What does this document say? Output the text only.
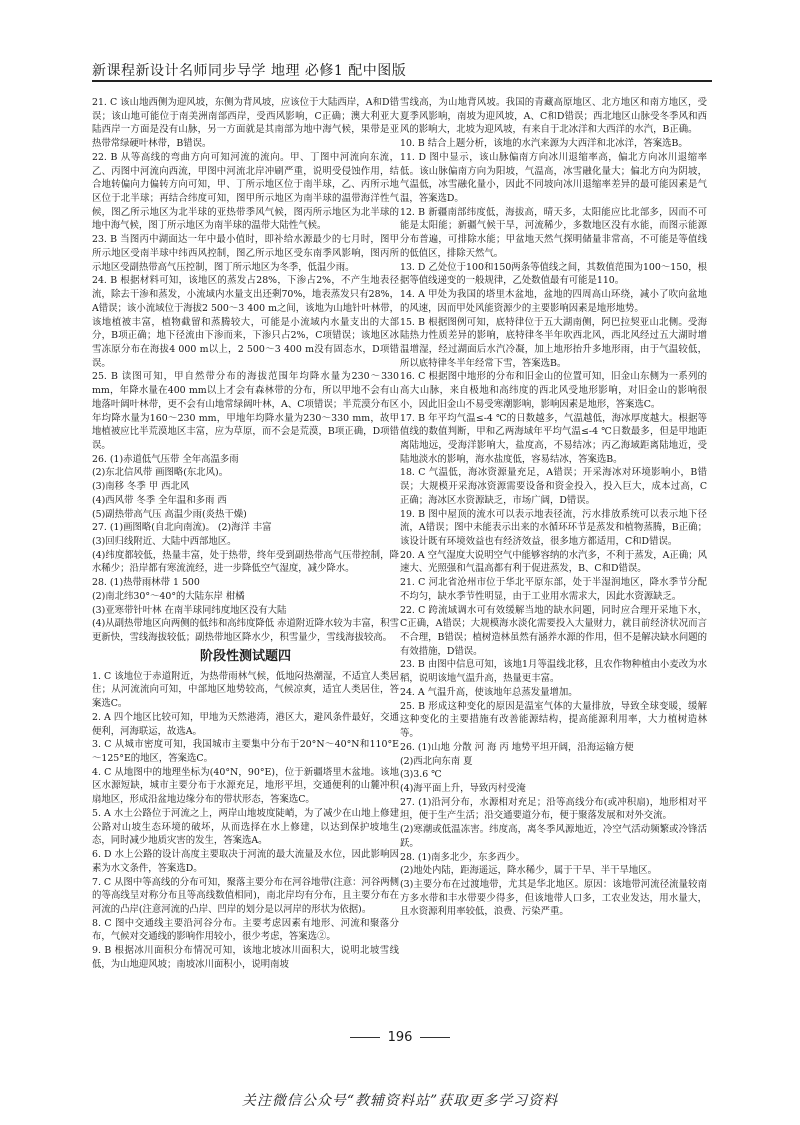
新课程新设计名师同步导学 地理 必修1 配中图版

21. C 该山地西侧为迎风坡，东侧为背风坡，应该位于大陆西岸，A和D错误；该山地可能位于南美洲南部西岸，受西风影响，C正确；澳大利亚大陆西岸一方面是没有山脉，另一方面就是其南部为地中海气候，果带是亚热带常绿硬叶林带，B错误。

22. B 从等高线的弯曲方向可知河流的流向。甲、丁图中河流向东流，乙、丙图中河流向西流，甲图中河流北岸冲刷严重，说明受侵蚀作用，结合地转偏向力偏转方向可知，甲、丁所示地区位于南半球，乙、丙所示地区位于北半球；再结合纬度可知，图甲所示地区为南半球的温带海洋性气候，图乙所示地区为北半球的亚热带季风气候，图丙所示地区为北半球的地中海气候，图丁所示地区为南半球的温带大陆性气候。

23. B 当图丙中湖面达一年中最小值时，即补给水源最少的七月时，图甲所示地区受南半球中纬西风控制，图乙所示地区受东南季风影响，图丙所示地区受副热带高气压控制，图丁所示地区为冬季，低温少雨。

24. B 根据材料可知，该地区的蒸发占28%，下渗占2%，不产生地表径流，除去干渗和蒸发，小流域内水量支出还剩70%，地表蒸发只有28%，A错误；该小流域位于海拔2 500～3 400 m之间，该地为山地针叶林带，该地植被丰富，植物截留和蒸腾较大，可能是小流域内水量支出的大部分，B项正确；地下径流由下渗而来，下渗只占2%，C项错误；该地区冰雪冻原分布在海拔4 000 m以上，2 500～3 400 m没有固态水，D项错误。

25. B 读图可知，甲自然带分布的海拔范围年均降水量为230～330 mm，年降水量在400 mm以上才会有森林带的分布，所以甲地不会有山地落叶阔叶林带，更不会有山地常绿阔叶林，A、C项错误；半荒漠分布区年均降水量为160～230 mm，甲地年均降水量为230～330 mm，故甲地植被应比半荒漠地区丰富，应为草原，而不会是荒漠，B项正确，D项错误。

26. (1)赤道低气压带 全年高温多雨

(2)东北信风带 画图略(东北风)。

(3)南移 冬季 甲 西北风

(4)西风带 冬季 全年温和多雨 西

(5)副热带高气压 高温少雨(炎热干燥)

27. (1)画图略(自北向南流)。 (2)海洋 丰富

(3)回归线附近、大陆中西部地区。

(4)纬度都较低，热量丰富，处于热带，终年受到副热带高气压带控制，降水稀少；沿岸都有寒流流经，进一步降低空气湿度，减少降水。

28. (1)热带雨林带 1 500

(2)南北纬30°～40°的大陆东岸 柑橘

(3)亚寒带针叶林 在南半球同纬度地区没有大陆

(4)从副热带地区向两侧的低纬和高纬度降低 赤道附近降水较为丰富，积雪更新快，雪线海拔较低；副热带地区降水少，积雪量少，雪线海拔较高。

阶段性测试题四

1. C 该地位于赤道附近，为热带雨林气候，低地闷热潮湿，不适宜人类居住；从河流流向可知，中部地区地势较高，气候凉爽，适宜人类居住，答案选C。

2. A 四个地区比较可知，甲地为天然港湾，港区大，避风条件最好，交通便利，河海联运，故选A。

3. C 从城市密度可知，我国城市主要集中分布于20°N～40°N和110°E～125°E的地区，答案选C。

4. C 从地图中的地理坐标为(40°N，90°E)，位于新疆塔里木盆地。该地区水源短缺，城市主要分布于水源充足，地形平坦，交通便利的山麓冲积扇地区，形成沿盆地边缘分布的带状形态，答案选C。

5. A 水土公路位于河流之上，两岸山地坡度陡峭，为了减少在山地上修建公路对山坡生态环境的破坏，从而选择在水上修建，以达到保护坡地生态，同时减少地质灾害的发生，答案选A。

6. D 水上公路的设计高度主要取决于河流的最大流量及水位，因此影响因素为水文条件，答案选D。

7. C 从图中等高线的分布可知，聚落主要分布在河谷地带(注意：河谷两侧的等高线呈对称分布且等高线数值相同)，南北岸均有分布，且主要分布在河流的凸岸(注意河流的凸岸、凹岸的划分是以河岸的形状为依据)。

8. C 图中交通线主要沿河谷分布。主要考虑因素有地形、河流和聚落分布，气候对交通线的影响作用较小，很少考虑，答案选②。

9. B 根据冰川面积分布情况可知，该地北坡冰川面积大，说明北坡雪线低，为山地迎风坡；南坡冰川面积小，说明南坡

雪线高，为山地背风坡。我国的青藏高原地区、北方地区和南方地区，受夏季风影响，南坡为迎风坡，A、C和D错误；西北地区山脉受冬季风和西风的影响大，北坡为迎风坡，有来自于北冰洋和大西洋的水汽，B正确。

10. B 结合上题分析，该地的水汽来源为大西洋和北冰洋，答案选B。

11. D 图中显示，该山脉偏南方向冰川退缩率高，偏北方向冰川退缩率低。该山脉偏南方向为阳坡，气温高，冰雪融化量大；偏北方向为阴坡，气温低，冰雪融化量小，因此不同坡向冰川退缩率差异的最可能因素是气温，答案选D。

12. B 新疆南部纬度低，海拔高，晴天多，太阳能应比北部多，因而不可能是太阳能；新疆气候干旱，河流稀少，多数地区没有水能，而图示能源分布普遍，可排除水能；甲盆地天然气探明储量非常高，不可能是等值线的低值区，排除天然气。

13. D 乙处位于100和150两条等值线之间，其数值范围为100～150，根据等值线递变的一般规律，乙处数值最有可能是110。

14. A 甲处为我国的塔里木盆地，盆地的四周高山环绕，减小了吹向盆地的风速，因而甲处风能资源少的主要影响因素是地形地势。

15. B 根据图例可知，底特律位于五大湖南侧，阿巴拉契亚山北侧。受海陆热力性质差异的影响，底特律冬半年吹西北风，西北风经过五大湖时增温增湿，经过湖面后水汽冷凝，加上地形抬升多地形雨，由于气温较低，所以底特律冬半年经常下雪，答案选B。

16. C 根据图中地形的分布和旧金山的位置可知，旧金山东侧为一系列的高大山脉，来自极地和高纬度的西北风受地形影响，对旧金山的影响很小，因此旧金山不易受寒潮影响，影响因素是地形，答案选C。

17. B 年平均气温≤-4 ℃的日数越多，气温越低，海冰厚度越大。根据等值线的数值判断，甲和乙两海域年平均气温≤-4 ℃日数最多，但是甲地距离陆地远，受海洋影响大，盐度高，不易结冰；丙乙海域距离陆地近，受陆地淡水的影响，海水盐度低，容易结冰，答案选B。

18. C 气温低，海冰资源量充足，A错误；开采海冰对环境影响小，B错误；大规模开采海冰资源需要设备和资金投入，投入巨大，成本过高，C正确；海冰区水资源缺乏，市场广阔，D错误。

19. B 图中屋顶的流水可以表示地表径流，污水排放系统可以表示地下径流，A错误；图中未能表示出来的水循环环节是蒸发和植物蒸腾，B正确；该设计既有环境效益也有经济效益，很多地方都适用，C和D错误。

20. A 空气湿度大说明空气中能够容纳的水汽多，不利于蒸发，A正确；风速大、光照强和气温高都有利于促进蒸发，B、C和D错误。

21. C 河北省沧州市位于华北平原东部，处于半湿润地区，降水季节分配不均匀，缺水季节性明显，由于工业用水需求大，因此水资源缺乏。

22. C 跨流域调水可有效缓解当地的缺水问题，同时应合理开采地下水，C正确，A错误；大规模海水淡化需要投入大量财力，就目前经济状况而言不合理，B错误；植树造林虽然有涵养水源的作用，但不是解决缺水问题的有效措施，D错误。

23. B 由图中信息可知，该地1月等温线北移，且农作物种植由小麦改为水稻，说明该地气温升高，热量更丰富。

24. A 气温升高，使该地年总蒸发量增加。

25. B 形成这种变化的原因是温室气体的大量排放，导致全球变暖，缓解这种变化的主要措施有改善能源结构，提高能源利用率，大力植树造林等。

26. (1)山地 分散 河 海 丙 地势平坦开阔，沿海运输方便

(2)西北向东南 夏

(3)3.6 ℃

(4)海平面上升，导致丙村受淹

27. (1)沿河分布，水源相对充足；沿等高线分布(或冲积扇)，地形相对平坦，便于生产生活；沿交通要道分布，便于聚落发展和对外交流。

(2)寒潮或低温冻害。纬度高，离冬季风源地近，冷空气活动频繁或冷锋活跃。

28. (1)南多北少，东多西少。

(2)地处内陆，距海遥远，降水稀少，属于干旱、半干旱地区。

(3)主要分布在过渡地带，尤其是华北地区。原因：该地带河流径流量较南方多水带和丰水带要少得多，但该地带人口多，工农业发达，用水量大，且水资源利用率较低，浪费、污染严重。

196
关注微信公众号“教辅资料站”获取更多学习资料
